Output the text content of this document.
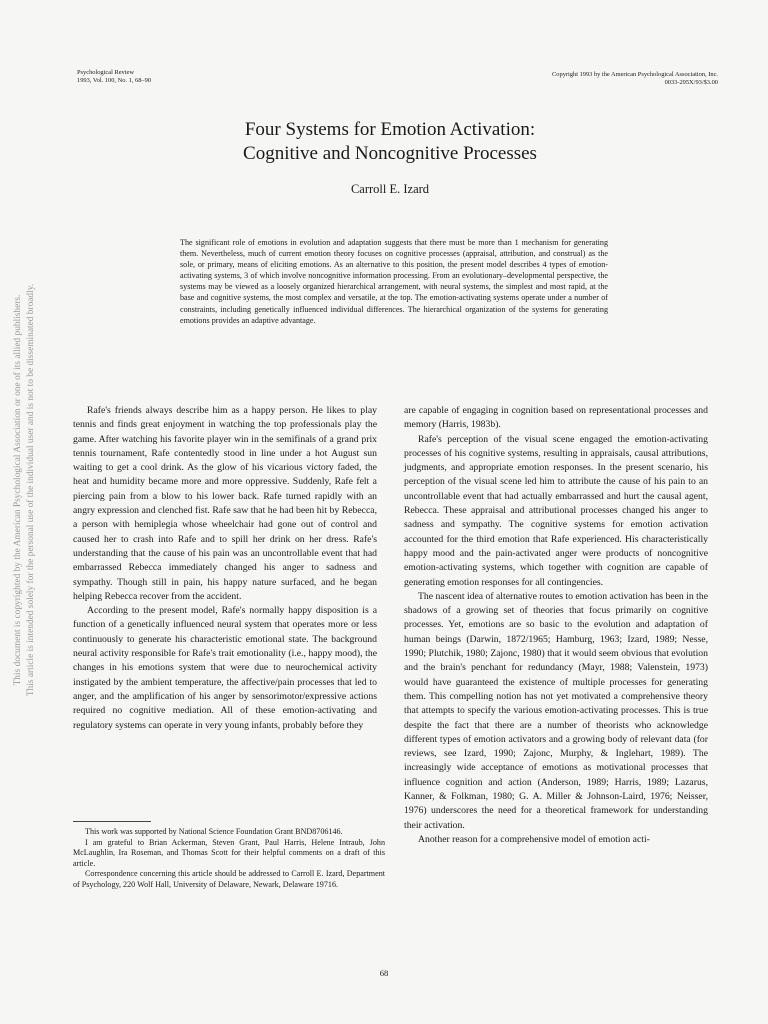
Psychological Review
1993, Vol. 100, No. 1, 68–90
Copyright 1993 by the American Psychological Association, Inc.
0033-295X/93/$3.00
Four Systems for Emotion Activation:
Cognitive and Noncognitive Processes
Carroll E. Izard

The significant role of emotions in evolution and adaptation suggests that there must be more than 1 mechanism for generating them. Nevertheless, much of current emotion theory focuses on cognitive processes (appraisal, attribution, and construal) as the sole, or primary, means of eliciting emotions. As an alternative to this position, the present model describes 4 types of emotion-activating systems, 3 of which involve noncognitive information processing. From an evolutionary–developmental perspective, the systems may be viewed as a loosely organized hierarchical arrangement, with neural systems, the simplest and most rapid, at the base and cognitive systems, the most complex and versatile, at the top. The emotion-activating systems operate under a number of constraints, including genetically influenced individual differences. The hierarchical organization of the systems for generating emotions provides an adaptive advantage.

This document is copyrighted by the American Psychological Association or one of its allied publishers. This article is intended solely for the personal use of the individual user and is not to be disseminated broadly.	Rafe's friends always describe him as a happy person. He likes to play tennis and finds great enjoyment in watching the top professionals play the game. After watching his favorite player win in the semifinals of a grand prix tennis tournament, Rafe contentedly stood in line under a hot August sun waiting to get a cool drink. As the glow of his vicarious victory faded, the heat and humidity became more and more oppressive. Suddenly, Rafe felt a piercing pain from a blow to his lower back. Rafe turned rapidly with an angry expression and clenched fist. Rafe saw that he had been hit by Rebecca, a person with hemiplegia whose wheelchair had gone out of control and caused her to crash into Rafe and to spill her drink on her dress. Rafe's understanding that the cause of his pain was an uncontrollable event that had embarrassed Rebecca immediately changed his anger to sadness and sympathy. Though still in pain, his happy nature surfaced, and he began helping Rebecca recover from the accident.

According to the present model, Rafe's normally happy disposition is a function of a genetically influenced neural system that operates more or less continuously to generate his characteristic emotional state. The background neural activity responsible for Rafe's trait emotionality (i.e., happy mood), the changes in his emotions system that were due to neurochemical activity instigated by the ambient temperature, the affective/pain processes that led to anger, and the amplification of his anger by sensorimotor/expressive actions required no cognitive mediation. All of these emotion-activating and regulatory systems can operate in very young infants, probably before they

are capable of engaging in cognition based on representational processes and memory (Harris, 1983b).

Rafe's perception of the visual scene engaged the emotion-activating processes of his cognitive systems, resulting in appraisals, causal attributions, judgments, and appropriate emotion responses. In the present scenario, his perception of the visual scene led him to attribute the cause of his pain to an uncontrollable event that had actually embarrassed and hurt the causal agent, Rebecca. These appraisal and attributional processes changed his anger to sadness and sympathy. The cognitive systems for emotion activation accounted for the third emotion that Rafe experienced. His characteristically happy mood and the pain-activated anger were products of noncognitive emotion-activating systems, which together with cognition are capable of generating emotion responses for all contingencies.

The nascent idea of alternative routes to emotion activation has been in the shadows of a growing set of theories that focus primarily on cognitive processes. Yet, emotions are so basic to the evolution and adaptation of human beings (Darwin, 1872/1965; Hamburg, 1963; Izard, 1989; Nesse, 1990; Plutchik, 1980; Zajonc, 1980) that it would seem obvious that evolution and the brain's penchant for redundancy (Mayr, 1988; Valenstein, 1973) would have guaranteed the existence of multiple processes for generating them. This compelling notion has not yet motivated a comprehensive theory that attempts to specify the various emotion-activating processes. This is true despite the fact that there are a number of theorists who acknowledge different types of emotion activators and a growing body of relevant data (for reviews, see Izard, 1990; Zajonc, Murphy, & Inglehart, 1989). The increasingly wide acceptance of emotions as motivational processes that influence cognition and action (Anderson, 1989; Harris, 1989; Lazarus, Kanner, & Folkman, 1980; G. A. Miller & Johnson-Laird, 1976; Neisser, 1976) underscores the need for a theoretical framework for understanding their activation.

Another reason for a comprehensive model of emotion acti-

This work was supported by National Science Foundation Grant BND8706146.

I am grateful to Brian Ackerman, Steven Grant, Paul Harris, Helene Intraub, John McLaughlin, Ira Roseman, and Thomas Scott for their helpful comments on a draft of this article.

Correspondence concerning this article should be addressed to Carroll E. Izard, Department of Psychology, 220 Wolf Hall, University of Delaware, Newark, Delaware 19716.

68
